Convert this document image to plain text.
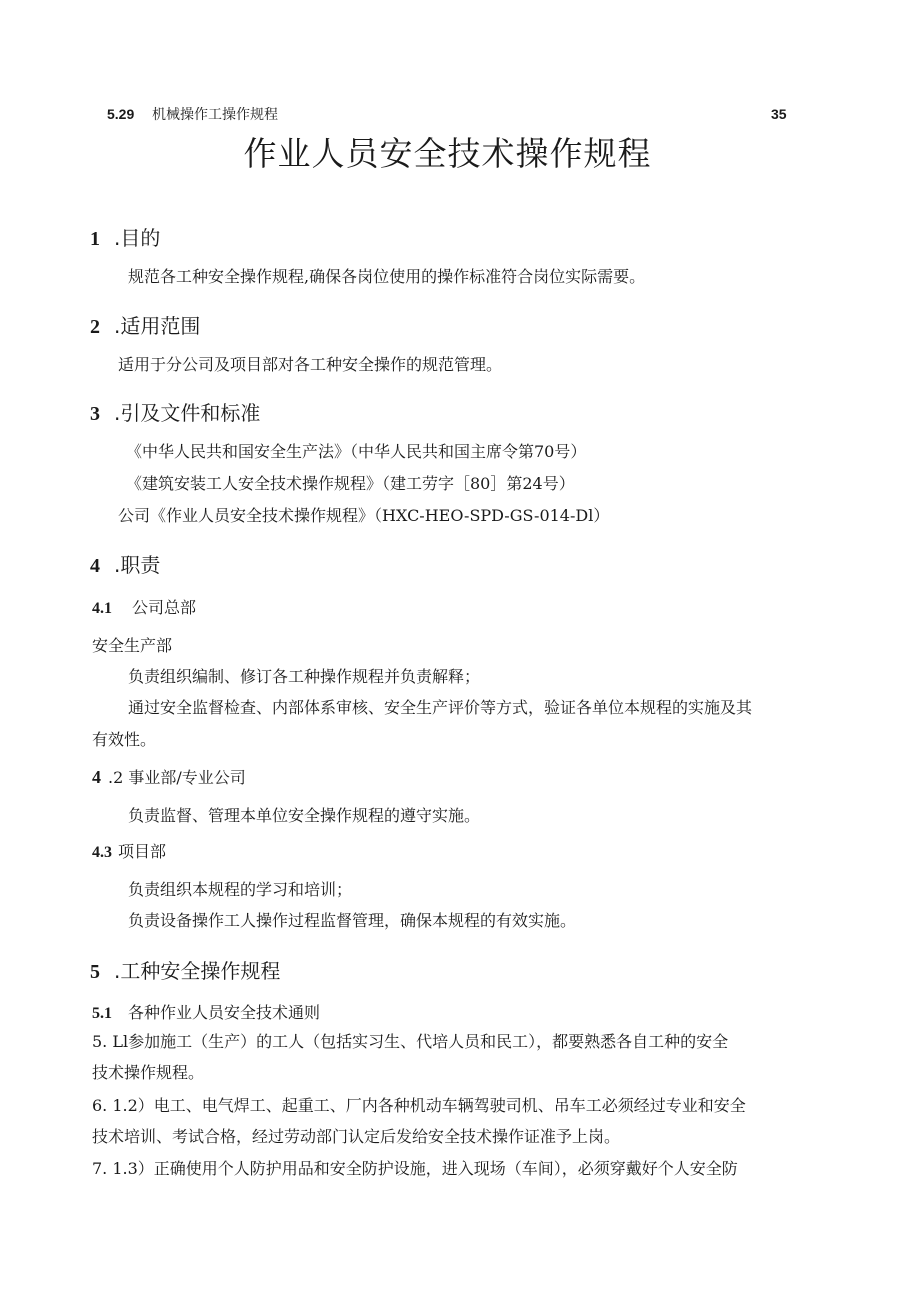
5.29 机械操作工操作规程	35
作业人员安全技术操作规程
1 .目的
规范各工种安全操作规程,确保各岗位使用的操作标准符合岗位实际需要。
2 .适用范围
适用于分公司及项目部对各工种安全操作的规范管理。
3 .引及文件和标准
《中华人民共和国安全生产法》（中华人民共和国主席令第70号）
《建筑安装工人安全技术操作规程》（建工劳字［80］第24号）
公司《作业人员安全技术操作规程》（HXC-HEO-SPD-GS-014-Dl）
4 .职责
4.1	公司总部
安全生产部
负责组织编制、修订各工种操作规程并负责解释；
通过安全监督检查、内部体系审核、安全生产评价等方式，验证各单位本规程的实施及其
有效性。
4 .2 事业部/专业公司
负责监督、管理本单位安全操作规程的遵守实施。
4.3 项目部
负责组织本规程的学习和培训；
负责设备操作工人操作过程监督管理，确保本规程的有效实施。
5 .工种安全操作规程
5.1	各种作业人员安全技术通则
5. Ll参加施工（生产）的工人（包括实习生、代培人员和民工），都要熟悉各自工种的安全
技术操作规程。
6. 1.2）电工、电气焊工、起重工、厂内各种机动车辆驾驶司机、吊车工必须经过专业和安全
技术培训、考试合格，经过劳动部门认定后发给安全技术操作证准予上岗。
7. 1.3）正确使用个人防护用品和安全防护设施，进入现场（车间），必须穿戴好个人安全防
